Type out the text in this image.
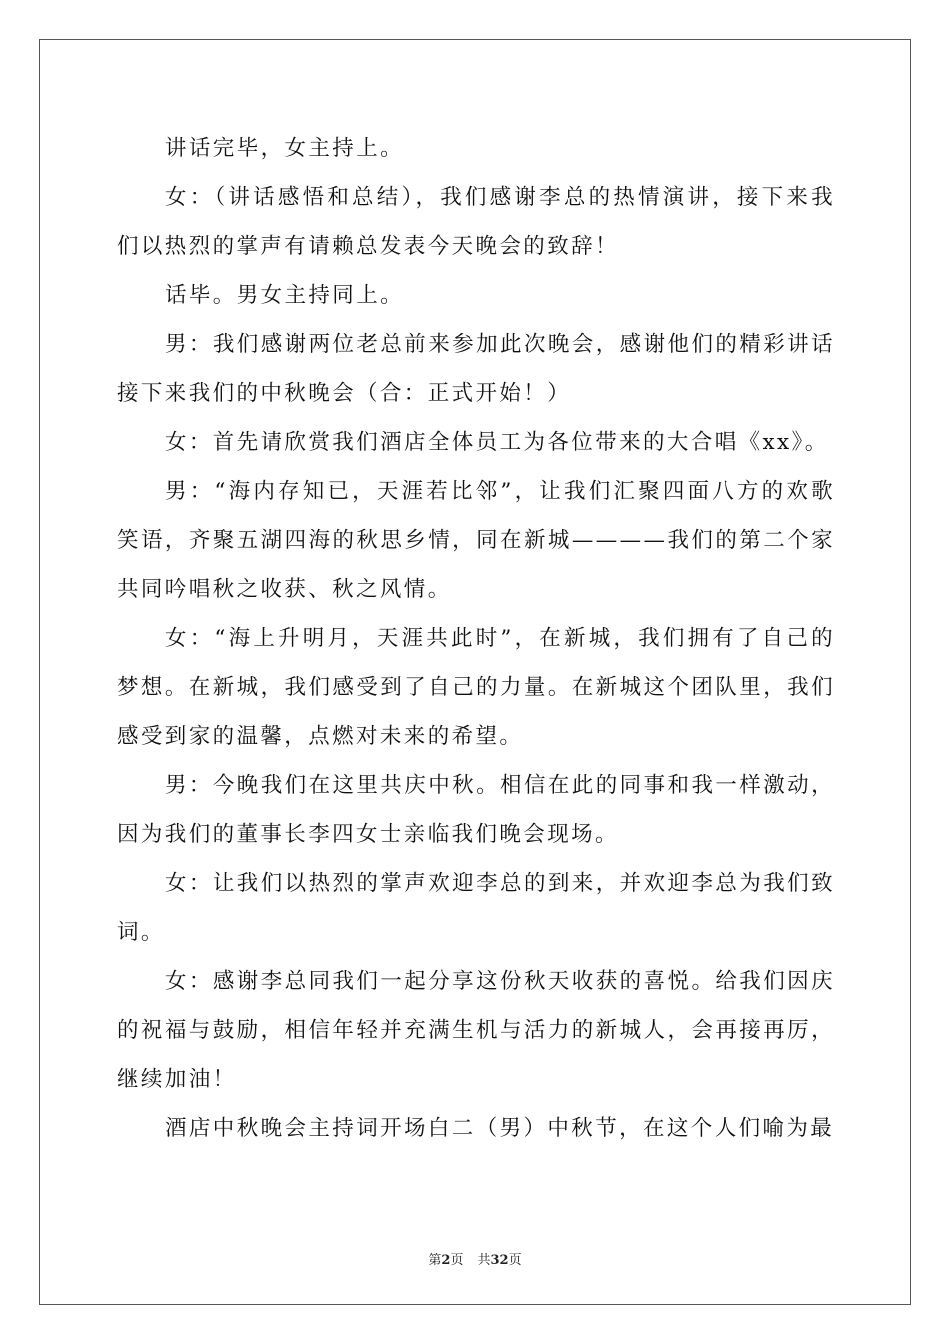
讲话完毕，女主持上。

女：（讲话感悟和总结），我们感谢李总的热情演讲，接下来我们以热烈的掌声有请赖总发表今天晚会的致辞！

话毕。男女主持同上。

男：我们感谢两位老总前来参加此次晚会，感谢他们的精彩讲话接下来我们的中秋晚会（合：正式开始！）

女：首先请欣赏我们酒店全体员工为各位带来的大合唱《xx》。

男：“海内存知已，天涯若比邻”，让我们汇聚四面八方的欢歌笑语，齐聚五湖四海的秋思乡情，同在新城————我们的第二个家共同吟唱秋之收获、秋之风情。

女：“海上升明月，天涯共此时”，在新城，我们拥有了自己的梦想。在新城，我们感受到了自己的力量。在新城这个团队里，我们感受到家的温馨，点燃对未来的希望。

男：今晚我们在这里共庆中秋。相信在此的同事和我一样激动，因为我们的董事长李四女士亲临我们晚会现场。

女：让我们以热烈的掌声欢迎李总的到来，并欢迎李总为我们致词。

女：感谢李总同我们一起分享这份秋天收获的喜悦。给我们因庆的祝福与鼓励，相信年轻并充满生机与活力的新城人，会再接再厉，继续加油！

酒店中秋晚会主持词开场白二（男）中秋节，在这个人们喻为最

第2页 共32页
